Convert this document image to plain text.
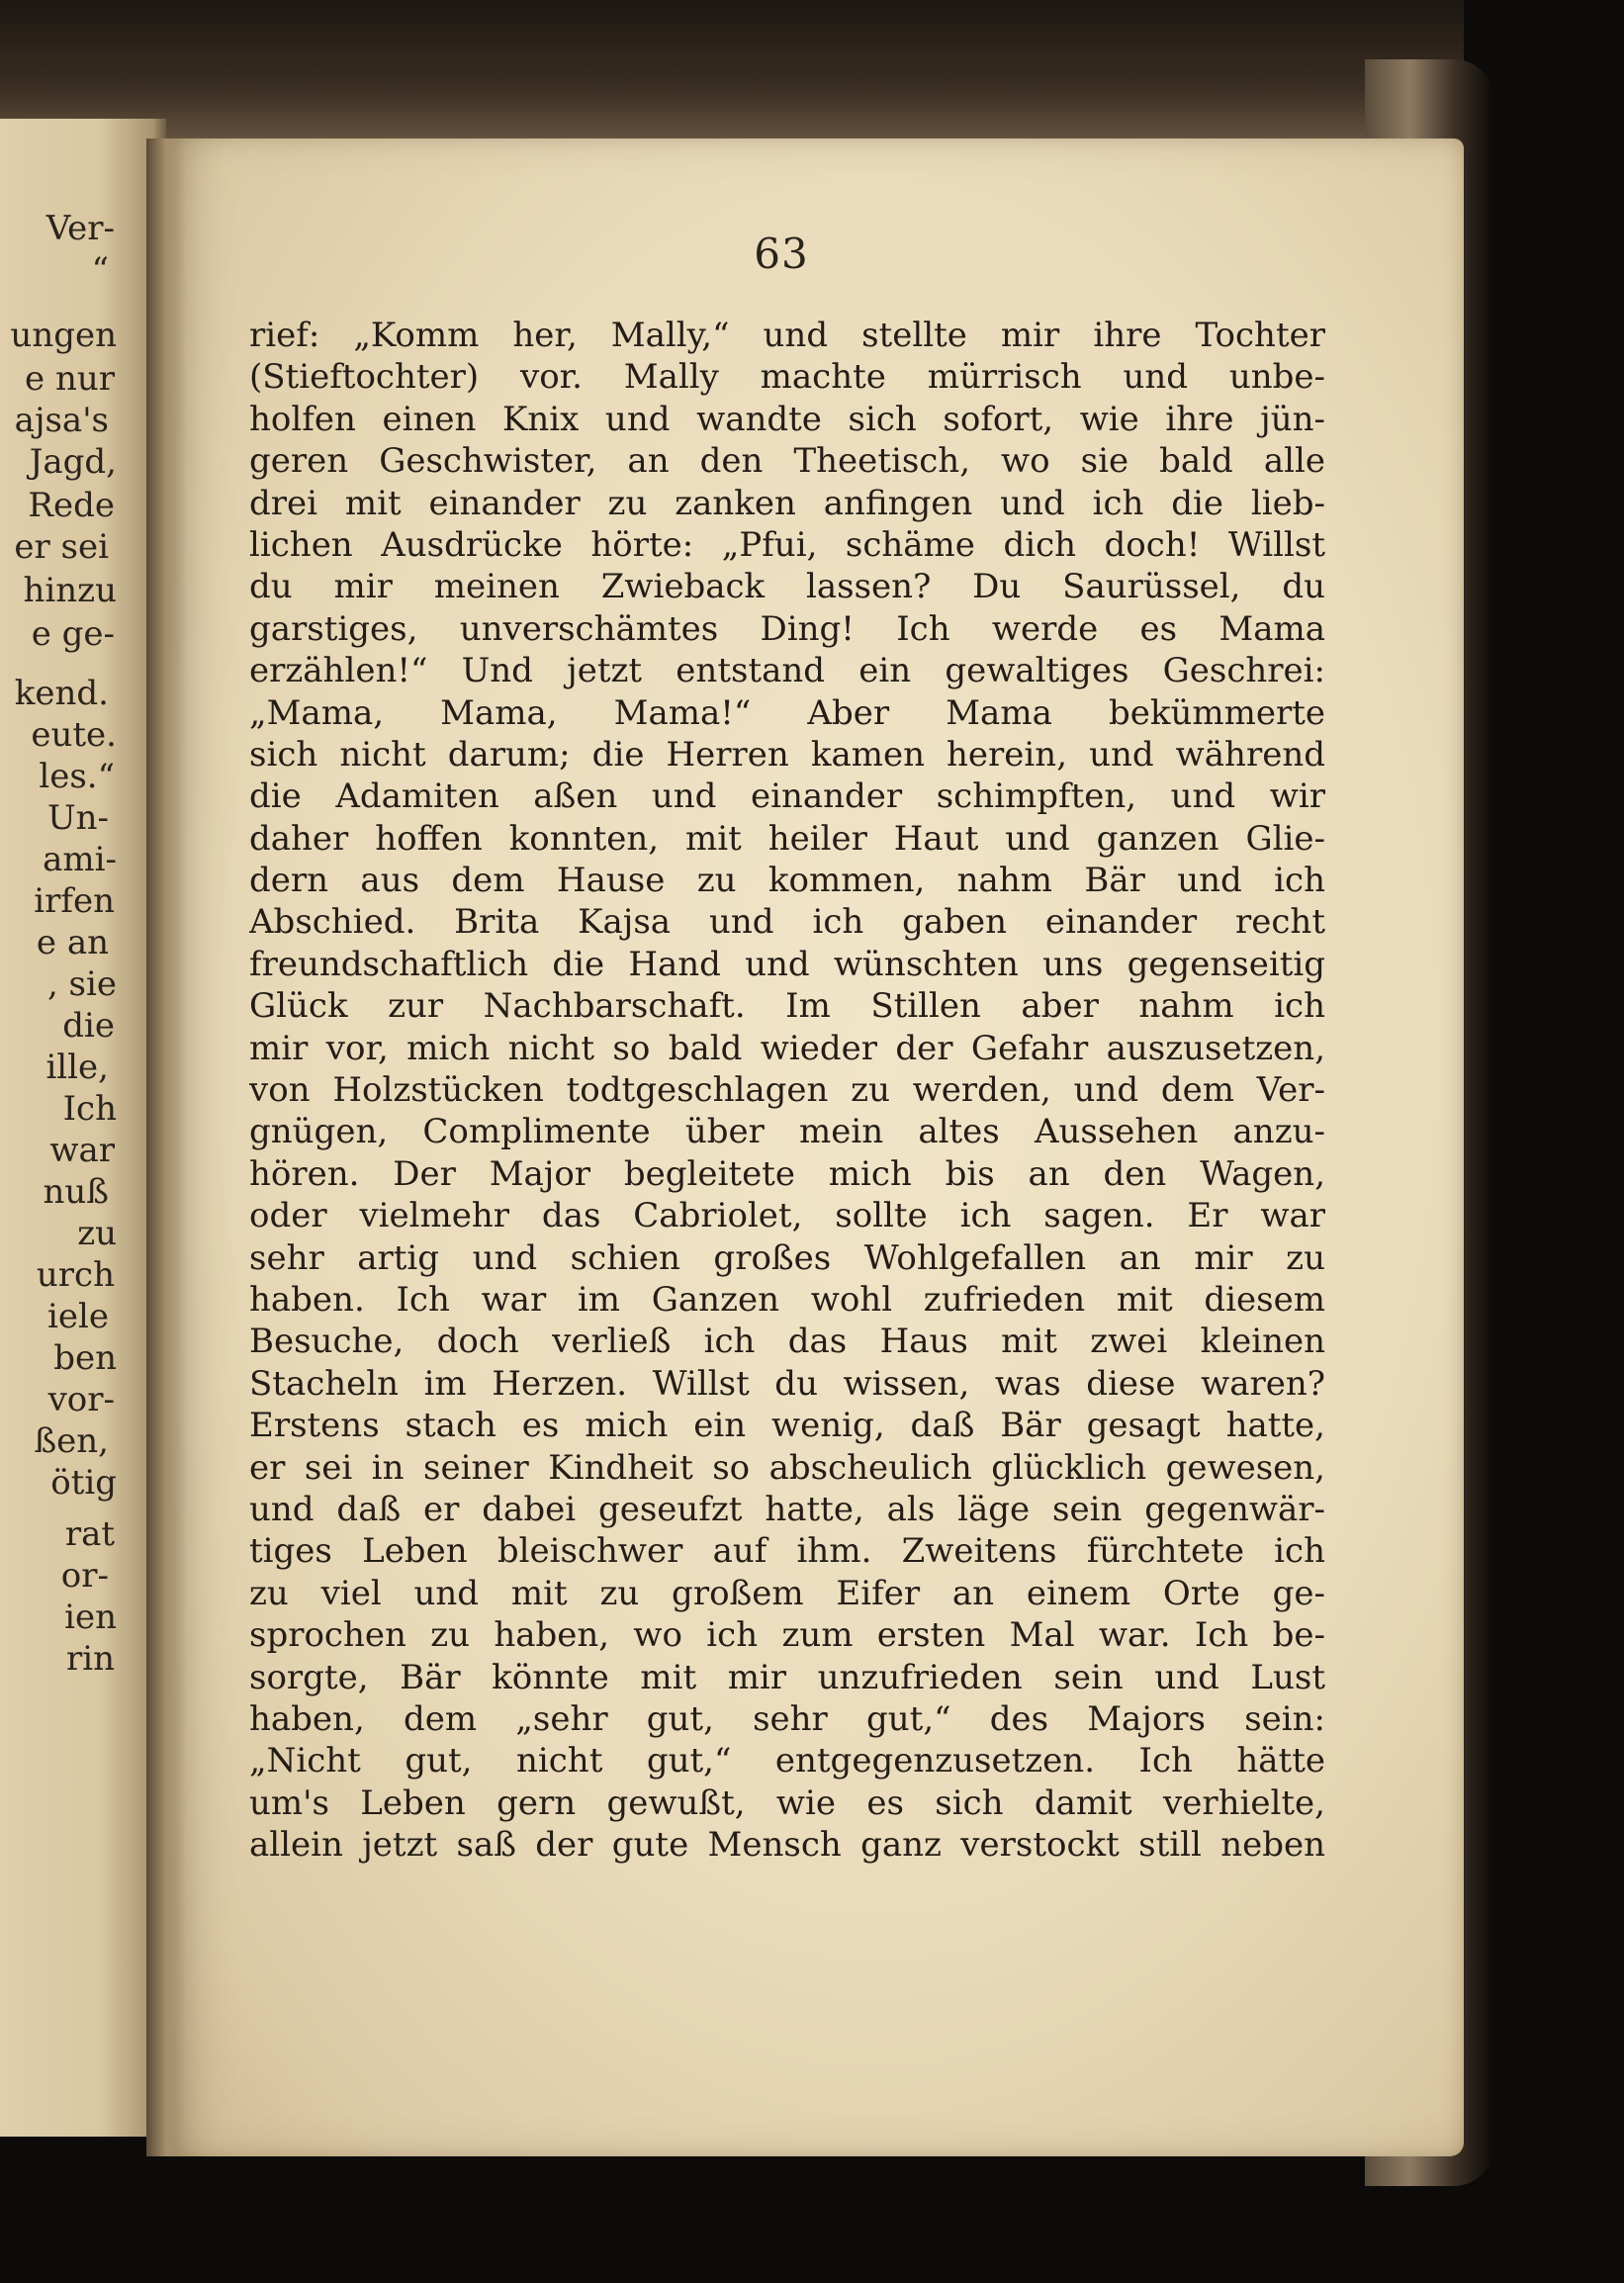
Ver-
“
ungen
e nur
ajsa's
Jagd,
Rede
er sei
hinzu
e ge-
kend.
eute.
les.“
Un-
ami-
irfen
e an
, sie
die
ille,
Ich
war
nuß
zu
urch
iele
ben
vor-
ßen,
ötig
rat
or-
ien
rin
63
rief: „Komm her, Mally,“ und stellte mir ihre Tochter
(Stieftochter) vor. Mally machte mürrisch und unbe-
holfen einen Knix und wandte sich sofort, wie ihre jün-
geren Geschwister, an den Theetisch, wo sie bald alle
drei mit einander zu zanken anfingen und ich die lieb-
lichen Ausdrücke hörte: „Pfui, schäme dich doch! Willst
du mir meinen Zwieback lassen? Du Saurüssel, du
garstiges, unverschämtes Ding! Ich werde es Mama
erzählen!“ Und jetzt entstand ein gewaltiges Geschrei:
„Mama, Mama, Mama!“ Aber Mama bekümmerte
sich nicht darum; die Herren kamen herein, und während
die Adamiten aßen und einander schimpften, und wir
daher hoffen konnten, mit heiler Haut und ganzen Glie-
dern aus dem Hause zu kommen, nahm Bär und ich
Abschied. Brita Kajsa und ich gaben einander recht
freundschaftlich die Hand und wünschten uns gegenseitig
Glück zur Nachbarschaft. Im Stillen aber nahm ich
mir vor, mich nicht so bald wieder der Gefahr auszusetzen,
von Holzstücken todtgeschlagen zu werden, und dem Ver-
gnügen, Complimente über mein altes Aussehen anzu-
hören. Der Major begleitete mich bis an den Wagen,
oder vielmehr das Cabriolet, sollte ich sagen. Er war
sehr artig und schien großes Wohlgefallen an mir zu
haben. Ich war im Ganzen wohl zufrieden mit diesem
Besuche, doch verließ ich das Haus mit zwei kleinen
Stacheln im Herzen. Willst du wissen, was diese waren?
Erstens stach es mich ein wenig, daß Bär gesagt hatte,
er sei in seiner Kindheit so abscheulich glücklich gewesen,
und daß er dabei geseufzt hatte, als läge sein gegenwär-
tiges Leben bleischwer auf ihm. Zweitens fürchtete ich
zu viel und mit zu großem Eifer an einem Orte ge-
sprochen zu haben, wo ich zum ersten Mal war. Ich be-
sorgte, Bär könnte mit mir unzufrieden sein und Lust
haben, dem „sehr gut, sehr gut,“ des Majors sein:
„Nicht gut, nicht gut,“ entgegenzusetzen. Ich hätte
um's Leben gern gewußt, wie es sich damit verhielte,
allein jetzt saß der gute Mensch ganz verstockt still neben
